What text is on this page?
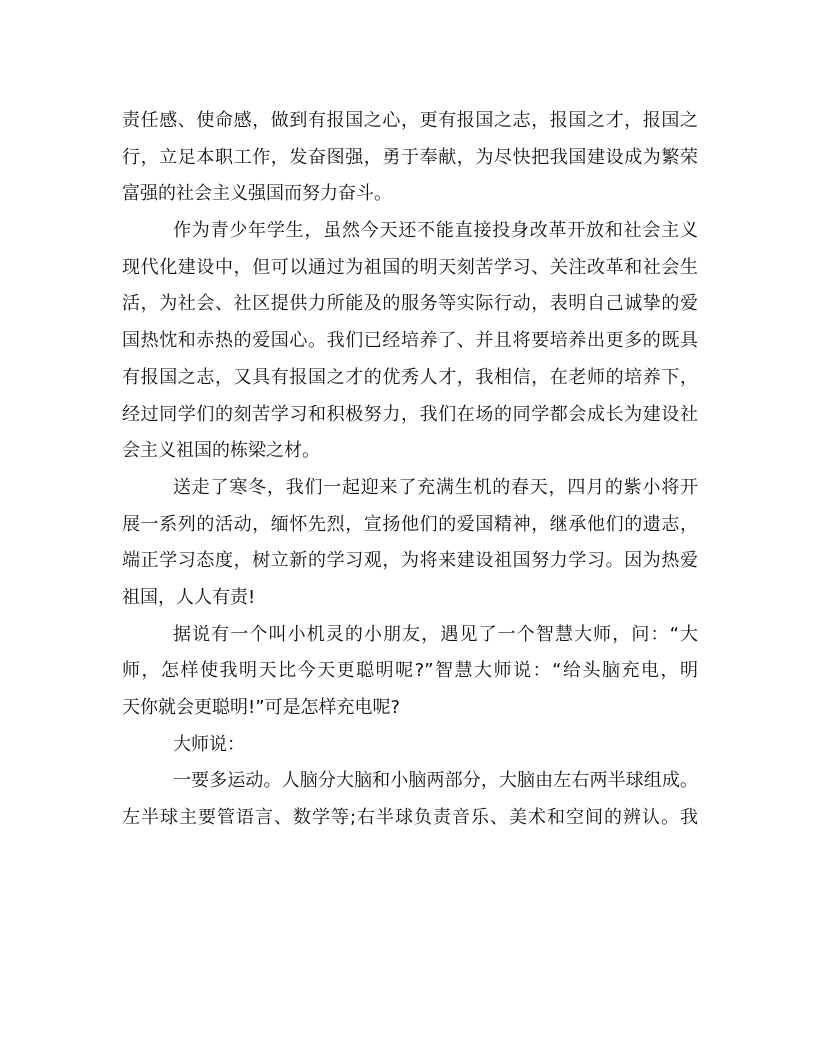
责任感、使命感，做到有报国之心，更有报国之志，报国之才，报国之
行，立足本职工作，发奋图强，勇于奉献，为尽快把我国建设成为繁荣
富强的社会主义强国而努力奋斗。
作为青少年学生，虽然今天还不能直接投身改革开放和社会主义
现代化建设中，但可以通过为祖国的明天刻苦学习、关注改革和社会生
活，为社会、社区提供力所能及的服务等实际行动，表明自己诚挚的爱
国热忱和赤热的爱国心。我们已经培养了、并且将要培养出更多的既具
有报国之志，又具有报国之才的优秀人才，我相信，在老师的培养下，
经过同学们的刻苦学习和积极努力，我们在场的同学都会成长为建设社
会主义祖国的栋梁之材。
送走了寒冬，我们一起迎来了充满生机的春天，四月的紫小将开
展一系列的活动，缅怀先烈，宣扬他们的爱国精神，继承他们的遗志，
端正学习态度，树立新的学习观，为将来建设祖国努力学习。因为热爱
祖国，人人有责!
据说有一个叫小机灵的小朋友，遇见了一个智慧大师，问：“大
师，怎样使我明天比今天更聪明呢?”智慧大师说：“给头脑充电，明
天你就会更聪明!”可是怎样充电呢?
大师说：
一要多运动。人脑分大脑和小脑两部分，大脑由左右两半球组成。
左半球主要管语言、数学等;右半球负责音乐、美术和空间的辨认。我
